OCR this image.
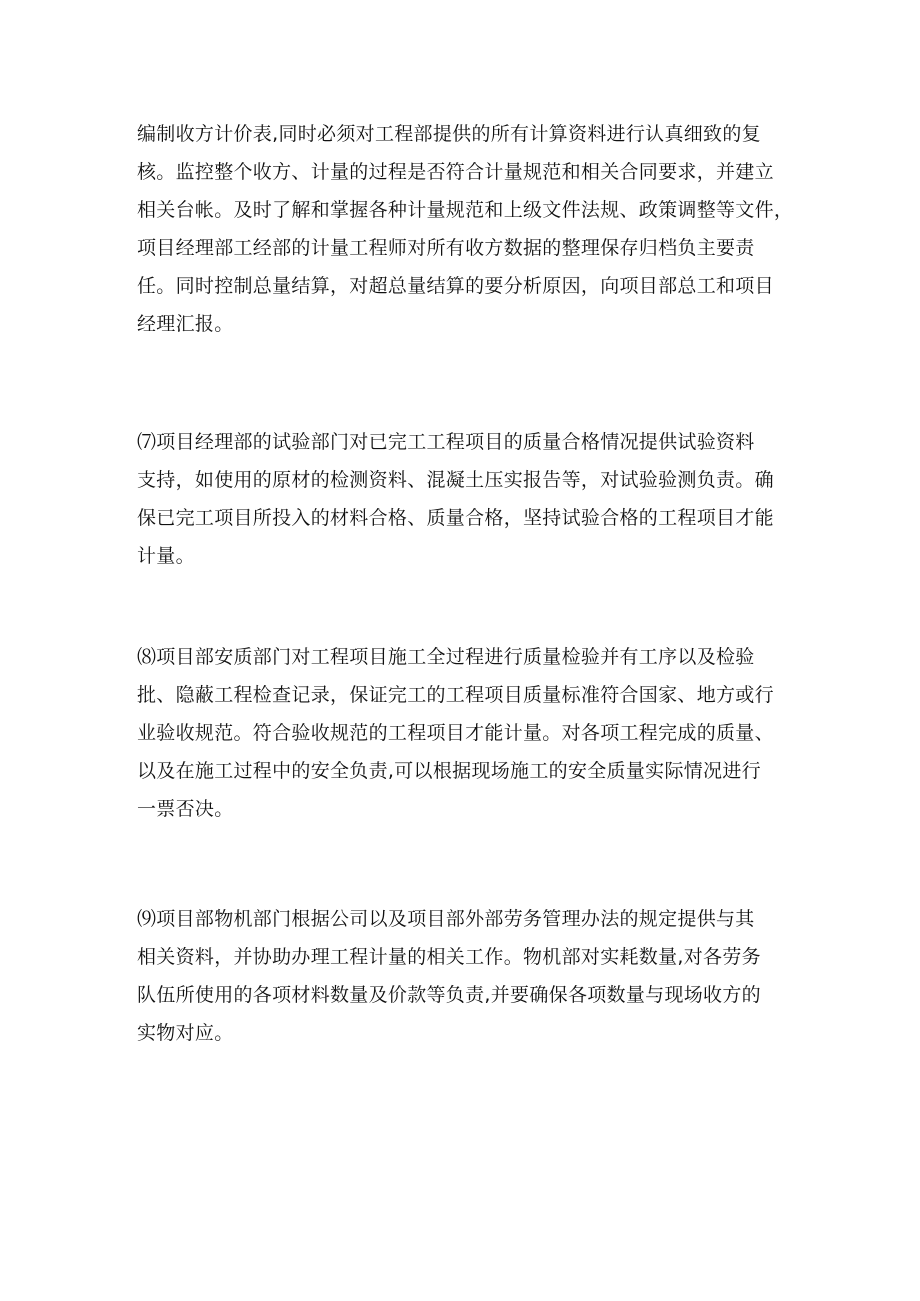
编制收方计价表,同时必须对工程部提供的所有计算资料进行认真细致的复
核。监控整个收方、计量的过程是否符合计量规范和相关合同要求，并建立
相关台帐。及时了解和掌握各种计量规范和上级文件法规、政策调整等文件，
项目经理部工经部的计量工程师对所有收方数据的整理保存归档负主要责
任。同时控制总量结算，对超总量结算的要分析原因，向项目部总工和项目
经理汇报。
⑺项目经理部的试验部门对已完工工程项目的质量合格情况提供试验资料
支持，如使用的原材的检测资料、混凝土压实报告等，对试验验测负责。确
保已完工项目所投入的材料合格、质量合格，坚持试验合格的工程项目才能
计量。
⑻项目部安质部门对工程项目施工全过程进行质量检验并有工序以及检验
批、隐蔽工程检查记录，保证完工的工程项目质量标准符合国家、地方或行
业验收规范。符合验收规范的工程项目才能计量。对各项工程完成的质量、
以及在施工过程中的安全负责,可以根据现场施工的安全质量实际情况进行
一票否决。
⑼项目部物机部门根据公司以及项目部外部劳务管理办法的规定提供与其
相关资料，并协助办理工程计量的相关工作。物机部对实耗数量,对各劳务
队伍所使用的各项材料数量及价款等负责,并要确保各项数量与现场收方的
实物对应。
